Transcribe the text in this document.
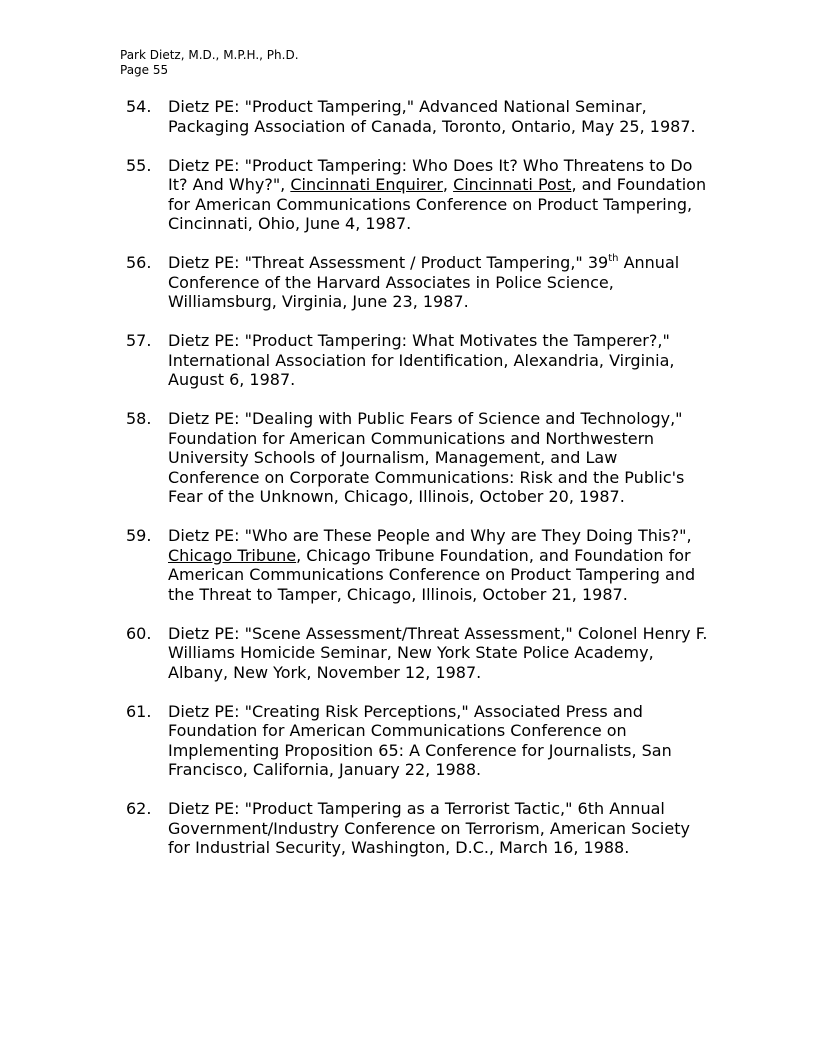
Park Dietz, M.D., M.P.H., Ph.D.
Page 55
54.	Dietz PE: "Product Tampering," Advanced National Seminar, Packaging Association of Canada, Toronto, Ontario, May 25, 1987.
55.	Dietz PE: "Product Tampering: Who Does It? Who Threatens to Do It? And Why?", Cincinnati Enquirer, Cincinnati Post, and Foundation for American Communications Conference on Product Tampering, Cincinnati, Ohio, June 4, 1987.
56.	Dietz PE: "Threat Assessment / Product Tampering," 39th Annual Conference of the Harvard Associates in Police Science, Williamsburg, Virginia, June 23, 1987.
57.	Dietz PE: "Product Tampering: What Motivates the Tamperer?," International Association for Identification, Alexandria, Virginia, August 6, 1987.
58.	Dietz PE: "Dealing with Public Fears of Science and Technology," Foundation for American Communications and Northwestern University Schools of Journalism, Management, and Law Conference on Corporate Communications: Risk and the Public's Fear of the Unknown, Chicago, Illinois, October 20, 1987.
59.	Dietz PE: "Who are These People and Why are They Doing This?", Chicago Tribune, Chicago Tribune Foundation, and Foundation for American Communications Conference on Product Tampering and the Threat to Tamper, Chicago, Illinois, October 21, 1987.
60.	Dietz PE: "Scene Assessment/Threat Assessment," Colonel Henry F. Williams Homicide Seminar, New York State Police Academy, Albany, New York, November 12, 1987.
61.	Dietz PE: "Creating Risk Perceptions," Associated Press and Foundation for American Communications Conference on Implementing Proposition 65: A Conference for Journalists, San Francisco, California, January 22, 1988.
62.	Dietz PE: "Product Tampering as a Terrorist Tactic," 6th Annual Government/Industry Conference on Terrorism, American Society for Industrial Security, Washington, D.C., March 16, 1988.
